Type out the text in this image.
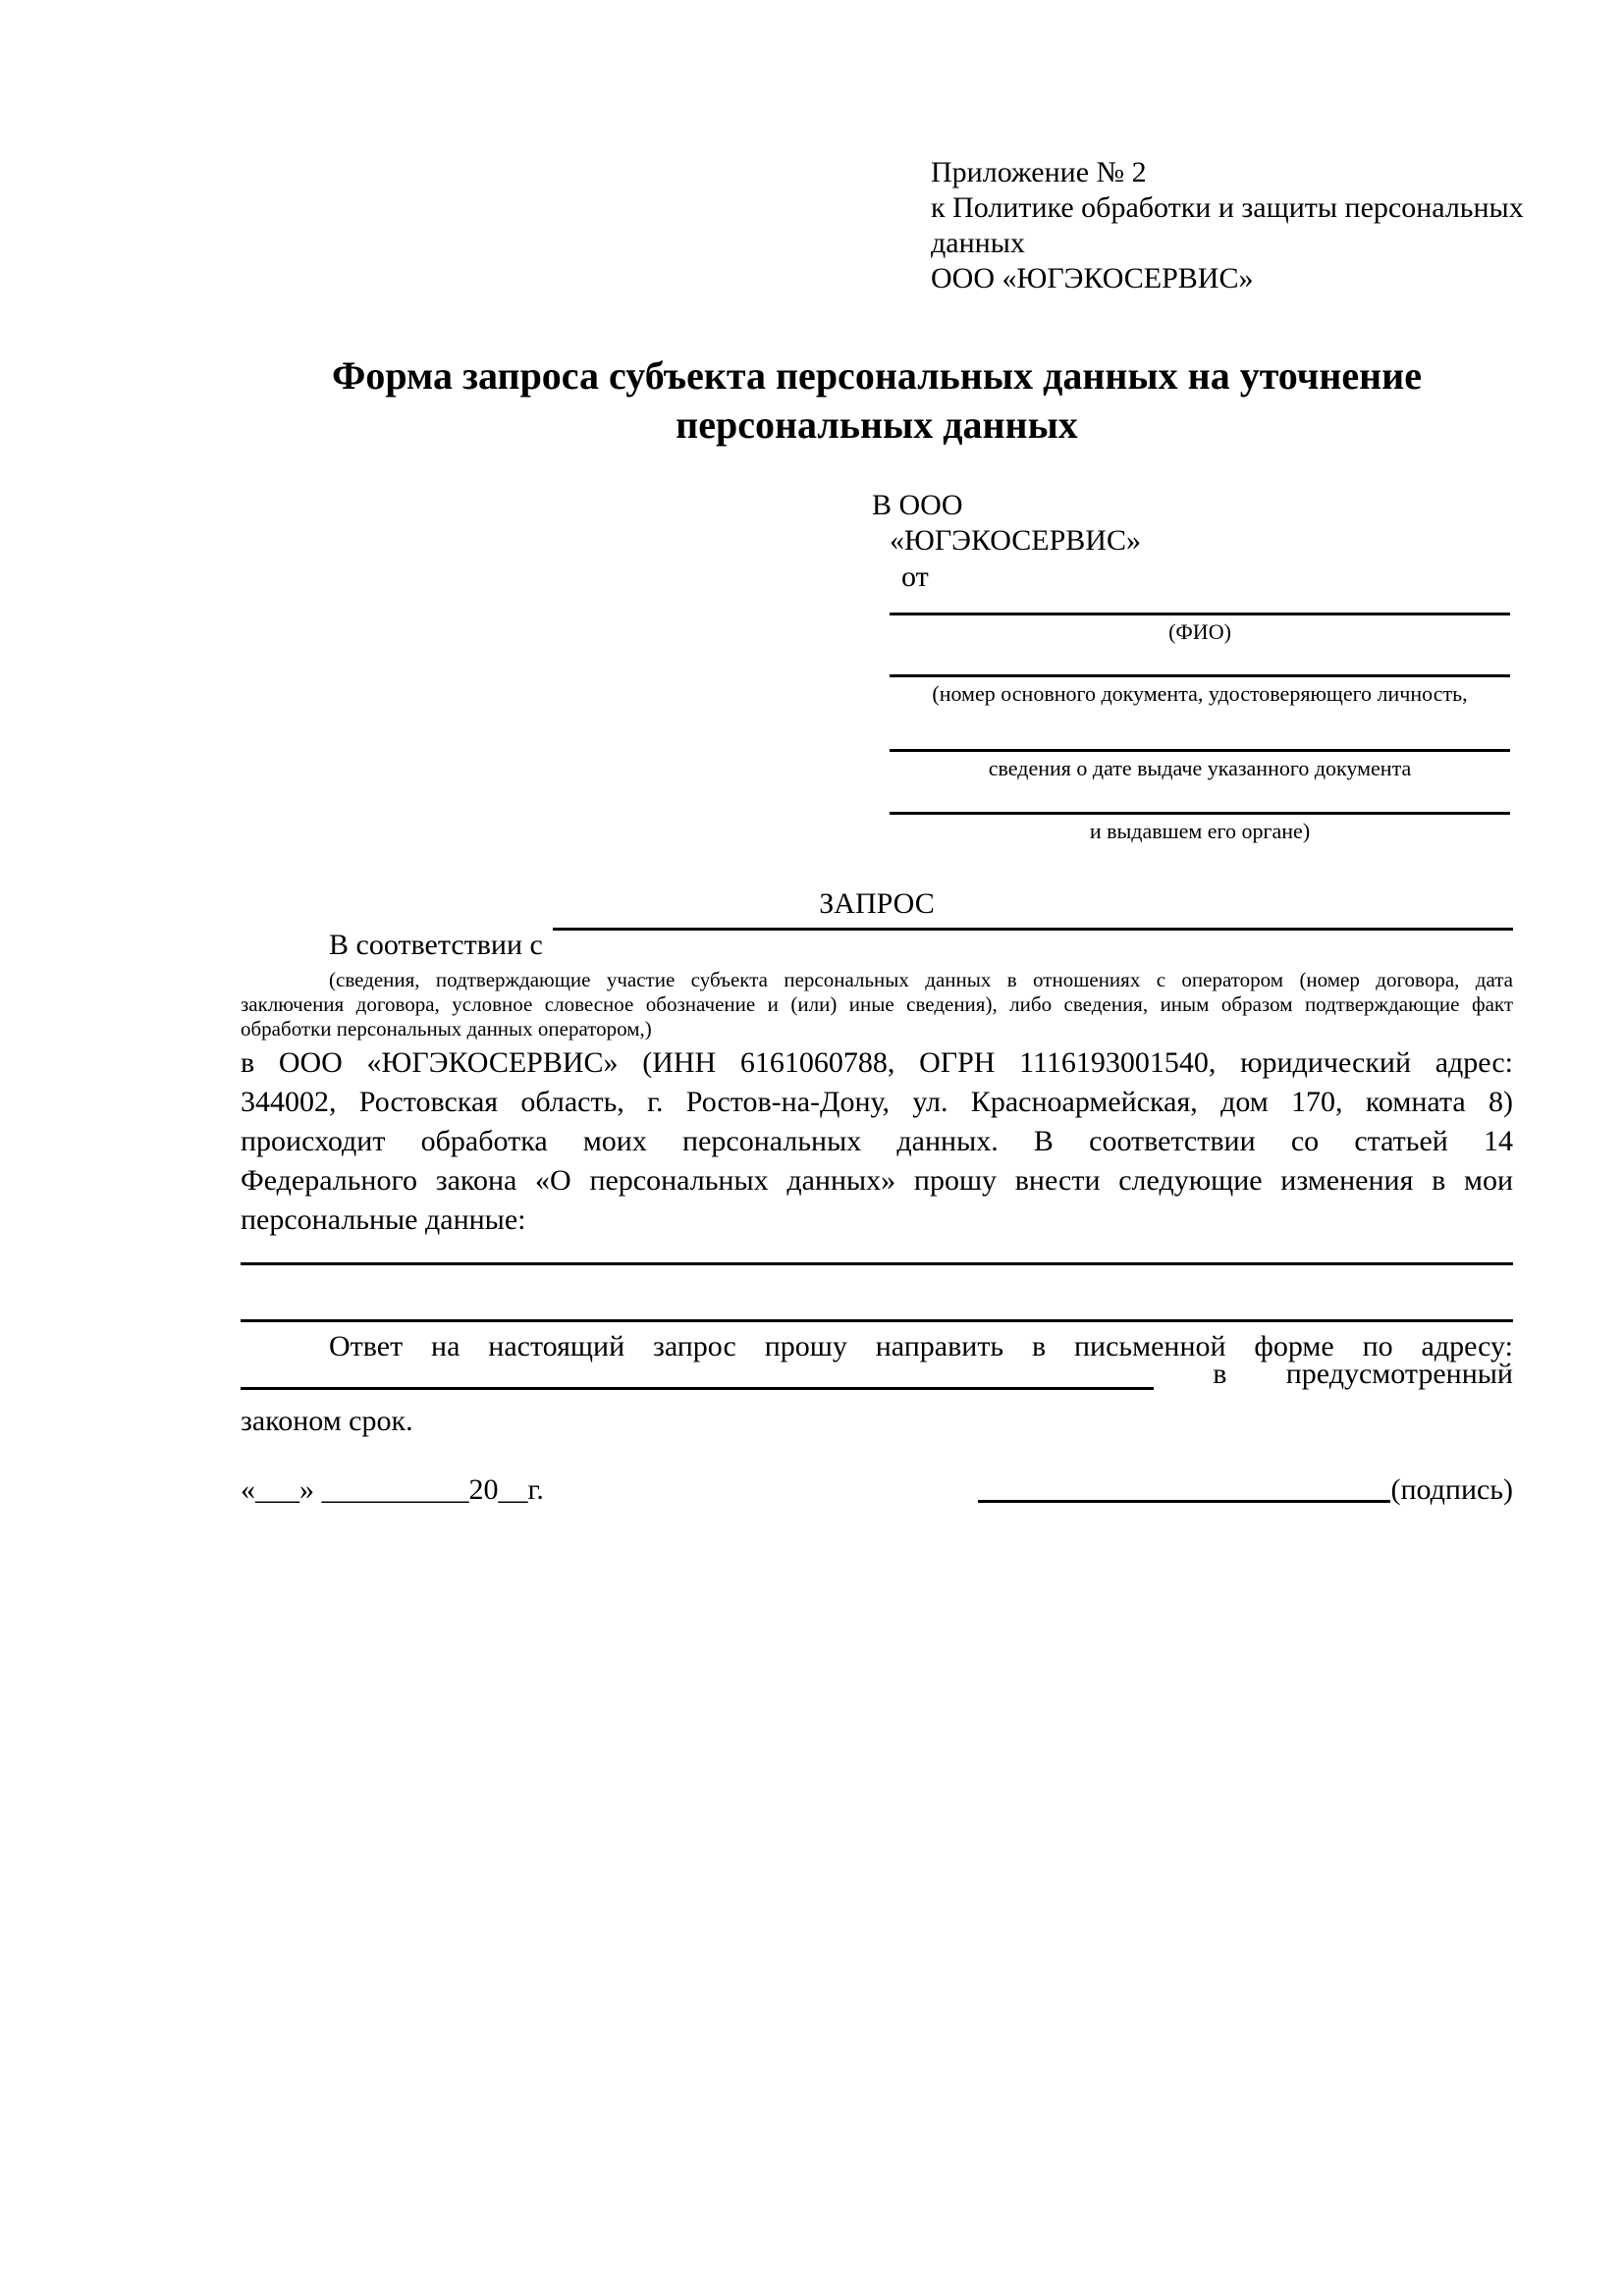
Приложение № 2
к Политике обработки и защиты персональных
данных
ООО «ЮГЭКОСЕРВИС»
Форма запроса субъекта персональных данных на уточнение
персональных данных
В ООО
«ЮГЭКОСЕРВИС»
от
(ФИО)
(номер основного документа, удостоверяющего личность,
сведения о дате выдаче указанного документа
и выдавшем его органе)
ЗАПРОС
В соответствии с
(сведения, подтверждающие участие субъекта персональных данных в отношениях с оператором (номер договора, дата
заключения договора, условное словесное обозначение и (или) иные сведения), либо сведения, иным образом подтверждающие факт
обработки персональных данных оператором,)
в ООО «ЮГЭКОСЕРВИС» (ИНН 6161060788, ОГРН 1116193001540, юридический адрес:
344002, Ростовская область, г. Ростов-на-Дону, ул. Красноармейская, дом 170, комната 8)
происходит обработка моих персональных данных. В соответствии со статьей 14
Федерального закона «О персональных данных» прошу внести следующие изменения в мои
персональные данные:
Ответ на настоящий запрос прошу направить в письменной форме по адресу:
в предусмотренный
законом срок.
«___» __________20__г.	(подпись)
